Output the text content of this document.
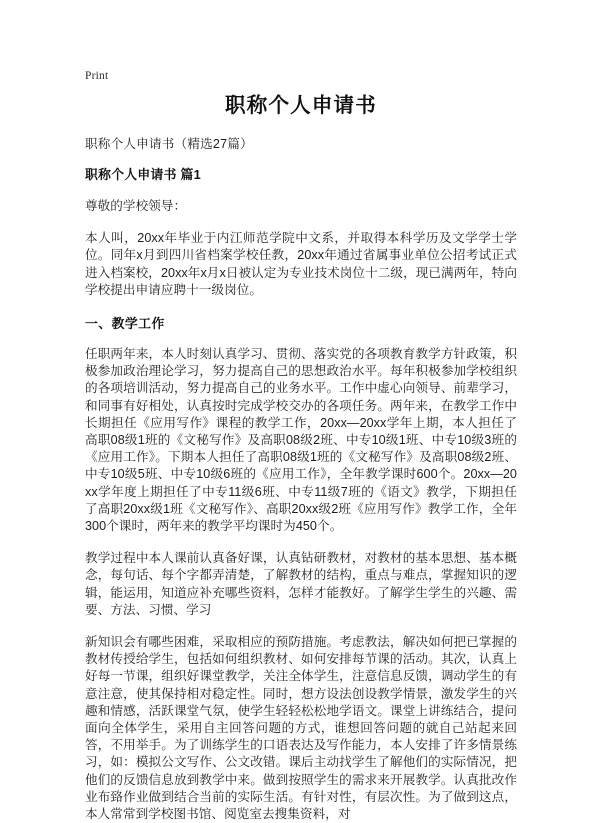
Print
职称个人申请书
职称个人申请书（精选27篇）
职称个人申请书 篇1

尊敬的学校领导：

本人叫，20xx年毕业于内江师范学院中文系，并取得本科学历及文学学士学位。同年x月到四川省档案学校任教，20xx年通过省属事业单位公招考试正式进入档案校，20xx年x月x日被认定为专业技术岗位十二级，现已满两年，特向学校提出申请应聘十一级岗位。

一、教学工作

任职两年来，本人时刻认真学习、贯彻、落实党的各项教育教学方针政策，积极参加政治理论学习，努力提高自己的思想政治水平。每年积极参加学校组织的各项培训活动，努力提高自己的业务水平。工作中虚心向领导、前辈学习，和同事有好相处，认真按时完成学校交办的各项任务。两年来，在教学工作中长期担任《应用写作》课程的教学工作，20xx—20xx学年上期，本人担任了高职08级1班的《文秘写作》及高职08级2班、中专10级1班、中专10级3班的《应用工作》。下期本人担任了高职08级1班的《文秘写作》及高职08级2班、中专10级5班、中专10级6班的《应用工作》，全年教学课时600个。20xx—20xx学年度上期担任了中专11级6班、中专11级7班的《语文》教学，下期担任了高职20xx级1班《文秘写作》、高职20xx级2班《应用写作》教学工作，全年300个课时，两年来的教学平均课时为450个。

教学过程中本人课前认真备好课，认真钻研教材，对教材的基本思想、基本概念，每句话、每个字都弄清楚，了解教材的结构，重点与难点，掌握知识的逻辑，能运用，知道应补充哪些资料，怎样才能教好。了解学生学生的兴趣、需要、方法、习惯、学习

新知识会有哪些困难，采取相应的预防措施。考虑教法，解决如何把已掌握的教材传授给学生，包括如何组织教材、如何安排每节课的活动。其次，认真上好每一节课，组织好课堂教学，关注全体学生，注意信息反馈，调动学生的有意注意，使其保持相对稳定性。同时，想方设法创设教学情景，激发学生的兴趣和情感，活跃课堂气氛，使学生轻轻松松地学语文。课堂上讲练结合，提问面向全体学生，采用自主回答问题的方式，谁想回答问题的就自己站起来回答，不用举手。为了训练学生的口语表达及写作能力，本人安排了许多情景练习，如：模拟公文写作、公文改错。课后主动找学生了解他们的实际情况，把他们的反馈信息放到教学中来。做到按照学生的需求来开展教学。认真批改作业布臵作业做到结合当前的实际生活。有针对性，有层次性。为了做到这点，本人常常到学校图书馆、阅览室去搜集资料，对
